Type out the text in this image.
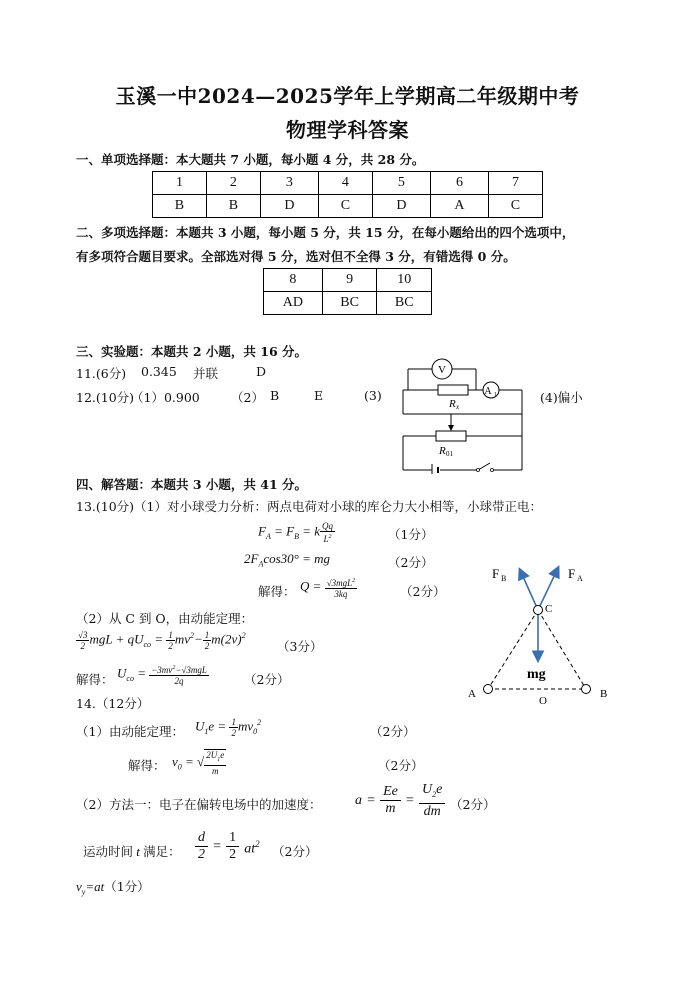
玉溪一中2024—2025学年上学期高二年级期中考
物理学科答案
一、单项选择题：本大题共 7 小题，每小题 4 分，共 28 分。
1	2	3	4	5	6	7
B	B	D	C	D	A	C
二、多项选择题：本题共 3 小题，每小题 5 分，共 15 分，在每小题给出的四个选项中，
有多项符合题目要求。全部选对得 5 分，选对但不全得 3 分，有错选得 0 分。
8	9	10
AD	BC	BC
三、实验题：本题共 2 小题，共 16 分。
11.(6分) 0.345 并联	D
12.(10分)
（1）0.900	（2） B	E	(3)	(4)偏小
V
A 1
R x
R 01
四、解答题：本题共 3 小题，共 41 分。
13.(10分)（1）对小球受力分析：两点电荷对小球的库仑力大小相等，小球带正电：
$F_A = F_B = k \frac{Qq}{L^2}$	（1分）
$2F_A\cos 30^\circ$ = mg	（2分）
解得： $Q = \frac{√3mgL^2}{3kq}$	（2分）
（2）从 C 到 O，由动能定理：
$\frac{√3}{2}$ mgL + $qU_{co} = \frac{1}{2} mv^2- \frac{1}{2} m(2v)^2$
（3分）
解得： $U_{co} = \frac{-3mv^2-√3mgL}{2q}$	（2分）
F B	F A
C
mg
A
O
B
14.（12分）
（1）由动能定理： $U_1e = \frac{1}{2} mv_0^2$
（2分）
解得： $v_0$ = √ $\frac{2U_1e}{m}$	（2分）
（2）方法一：电子在偏转电场中的加速度： $a = \frac{Ee}{m} = \frac{U_2e}{dm} (2$分）
运动时间 t 满足： $\frac{d}{2} = \frac{1}{2} at^2$
（2分）
$v_y=at(1$分）
